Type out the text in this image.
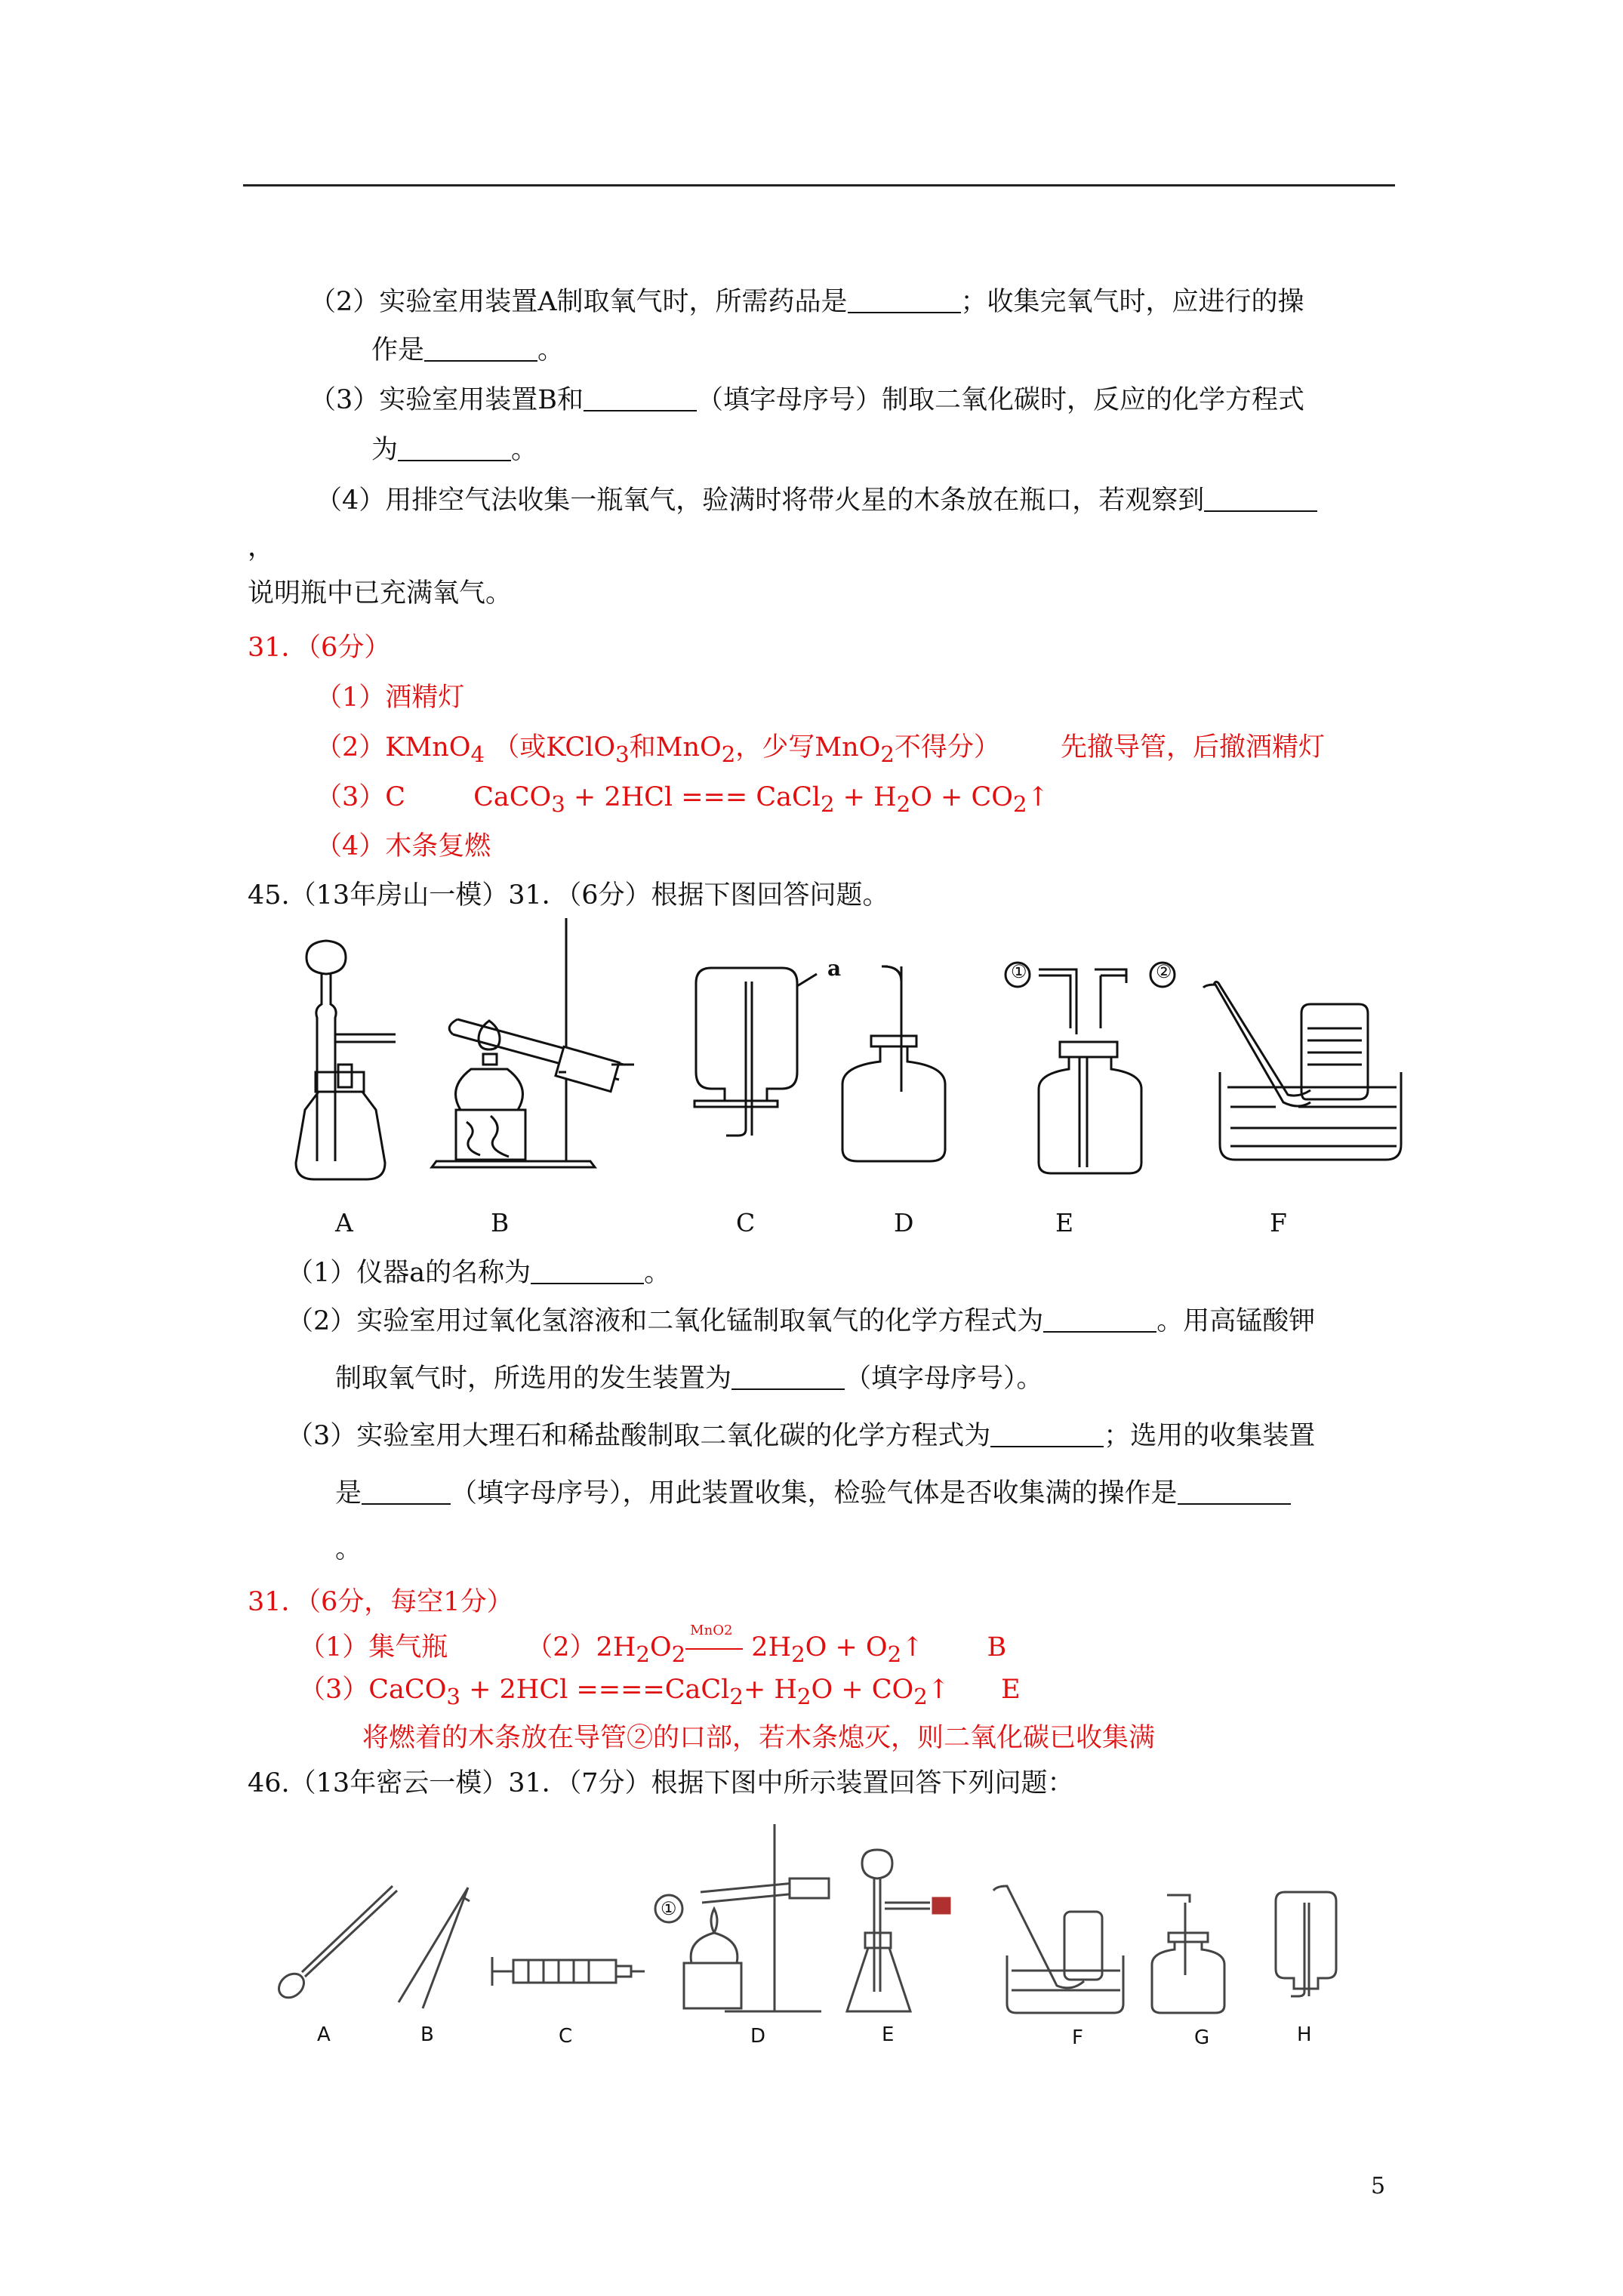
（2）实验室用装置A制取氧气时，所需药品是	；收集完氧气时，应进行的操
作是	。
（3）实验室用装置B和	（填字母序号）制取二氧化碳时，反应的化学方程式
为	。
（4）用排空气法收集一瓶氧气，验满时将带火星的木条放在瓶口，若观察到
，
说明瓶中已充满氧气。
31．（6分）
（1）酒精灯
（2）KMnO$_4$ （或KClO$_3$和MnO$_2$，少写MnO$_2$不得分） 先撤导管，后撤酒精灯
（3）C	CaCO$_3$ + 2HCl === CaCl$_2$ + $H_2O$ + $CO_2↑$
（4）木条复燃
45.（13年房山一模）31．（6分）根据下图回答问题。
A	B	C	D	E	F
a	①	②
（1）仪器a的名称为	。
（2）实验室用过氧化氢溶液和二氧化锰制取氧气的化学方程式为	。用高锰酸钾
制取氧气时，所选用的发生装置为	（填字母序号）。
（3）实验室用大理石和稀盐酸制取二氧化碳的化学方程式为	；选用的收集装置
是	（填字母序号），用此装置收集，检验气体是否收集满的操作是
。
31．（6分，每空1分）
（1）集气瓶	$(2)2H_2O_2$
MnO2
$2H_2O$ + $O_2↑$ B
（3）CaCO$_3$ + 2HCl ====CaCl$_2$+ $H_2O$ + $CO_2↑$ E
将燃着的木条放在导管②的口部，若木条熄灭，则二氧化碳已收集满
46.（13年密云一模）31．（7分）根据下图中所示装置回答下列问题：
A	B	C	D	E	F	G	H
①
5
